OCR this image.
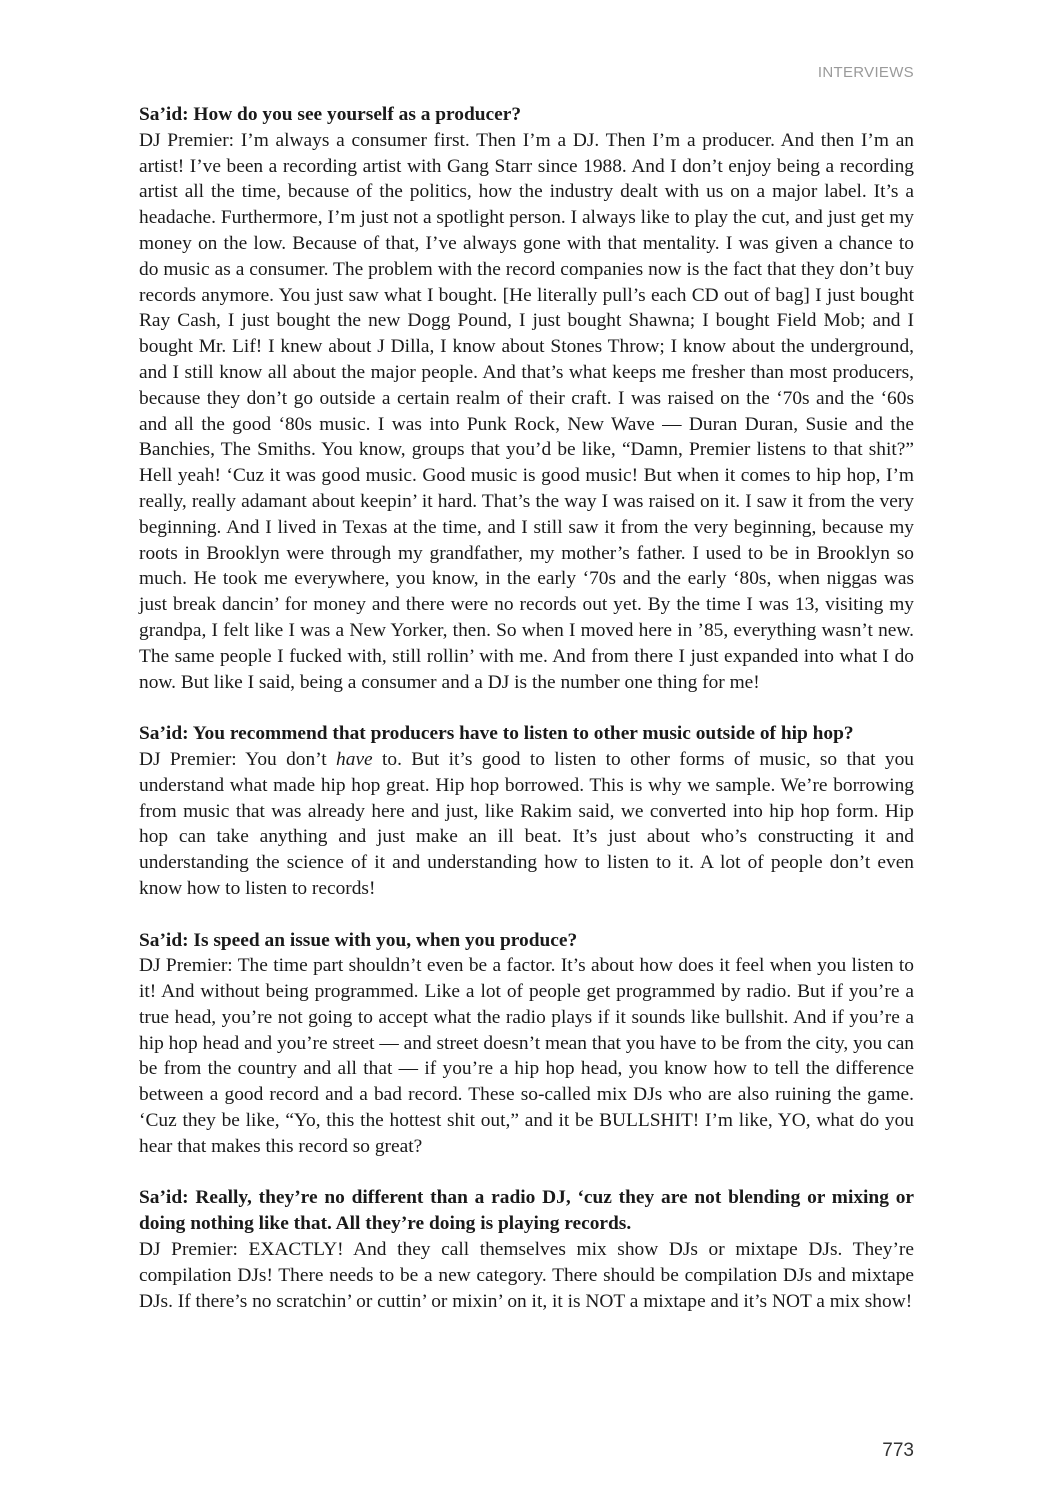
INTERVIEWS

Sa’id: How do you see yourself as a producer?

DJ Premier: I’m always a consumer first. Then I’m a DJ. Then I’m a producer. And then I’m an artist! I’ve been a recording artist with Gang Starr since 1988. And I don’t enjoy being a recording artist all the time, because of the politics, how the industry dealt with us on a major label. It’s a headache. Furthermore, I’m just not a spotlight person. I always like to play the cut, and just get my money on the low. Because of that, I’ve always gone with that mentality. I was given a chance to do music as a consumer. The problem with the record companies now is the fact that they don’t buy records anymore. You just saw what I bought. [He literally pull’s each CD out of bag] I just bought Ray Cash, I just bought the new Dogg Pound, I just bought Shawna; I bought Field Mob; and I bought Mr. Lif! I knew about J Dilla, I know about Stones Throw; I know about the underground, and I still know all about the major people. And that’s what keeps me fresher than most producers, because they don’t go outside a certain realm of their craft. I was raised on the ‘70s and the ‘60s and all the good ‘80s music. I was into Punk Rock, New Wave — Duran Duran, Susie and the Banchies, The Smiths. You know, groups that you’d be like, “Damn, Premier listens to that shit?” Hell yeah! ‘Cuz it was good music. Good music is good music! But when it comes to hip hop, I’m really, really adamant about keepin’ it hard. That’s the way I was raised on it. I saw it from the very beginning. And I lived in Texas at the time, and I still saw it from the very beginning, because my roots in Brooklyn were through my grandfather, my mother’s father. I used to be in Brooklyn so much. He took me everywhere, you know, in the early ‘70s and the early ‘80s, when niggas was just break dancin’ for money and there were no records out yet. By the time I was 13, visiting my grandpa, I felt like I was a New Yorker, then. So when I moved here in ’85, everything wasn’t new. The same people I fucked with, still rollin’ with me. And from there I just expanded into what I do now. But like I said, being a consumer and a DJ is the number one thing for me!

Sa’id: You recommend that producers have to listen to other music outside of hip hop?

DJ Premier: You don’t have to. But it’s good to listen to other forms of music, so that you understand what made hip hop great. Hip hop borrowed. This is why we sample. We’re borrowing from music that was already here and just, like Rakim said, we converted into hip hop form. Hip hop can take anything and just make an ill beat. It’s just about who’s constructing it and understanding the science of it and understanding how to listen to it. A lot of people don’t even know how to listen to records!

Sa’id: Is speed an issue with you, when you produce?

DJ Premier: The time part shouldn’t even be a factor. It’s about how does it feel when you listen to it! And without being programmed. Like a lot of people get programmed by radio. But if you’re a true head, you’re not going to accept what the radio plays if it sounds like bullshit. And if you’re a hip hop head and you’re street — and street doesn’t mean that you have to be from the city, you can be from the country and all that — if you’re a hip hop head, you know how to tell the difference between a good record and a bad record. These so-called mix DJs who are also ruining the game. ‘Cuz they be like, “Yo, this the hottest shit out,” and it be BULLSHIT! I’m like, YO, what do you hear that makes this record so great?

Sa’id: Really, they’re no different than a radio DJ, ‘cuz they are not blending or mixing or doing nothing like that. All they’re doing is playing records.

DJ Premier: EXACTLY! And they call themselves mix show DJs or mixtape DJs. They’re compilation DJs! There needs to be a new category. There should be compilation DJs and mixtape DJs. If there’s no scratchin’ or cuttin’ or mixin’ on it, it is NOT a mixtape and it’s NOT a mix show!

773
